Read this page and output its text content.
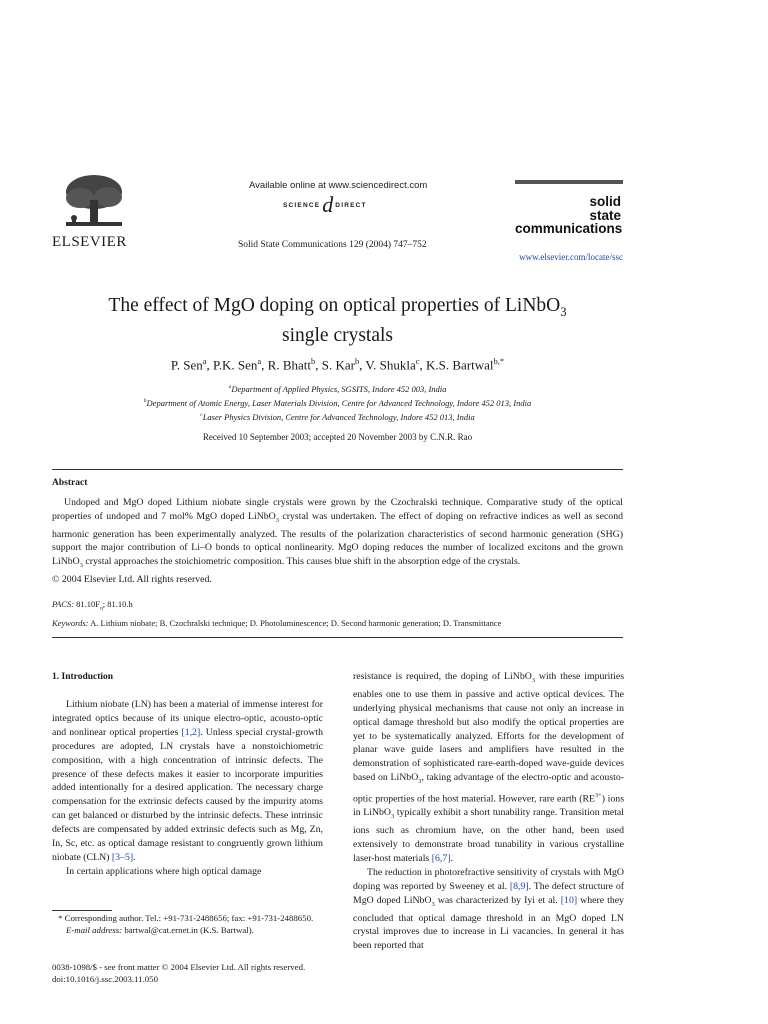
ELSEVIER
Available online at www.sciencedirect.com
SCIENCE d DIRECT
Solid State Communications 129 (2004) 747–752
solid
state
communications
www.elsevier.com/locate/ssc
The effect of MgO doping on optical properties of LiNbO$_3$
single crystals
P. Sen$^a$, P.K. Sen$^a$, R. Bhatt$^b$, S. Kar$^b$, V. Shukla$^c$, K.S. Bartwal$^{b,*}$
$^a$Department of Applied Physics, SGSITS, Indore 452 003, India
$^b$Department of Atomic Energy, Laser Materials Division, Centre for Advanced Technology, Indore 452 013, India
$^c$Laser Physics Division, Centre for Advanced Technology, Indore 452 013, India
Received 10 September 2003; accepted 20 November 2003 by C.N.R. Rao
Abstract

Undoped and MgO doped Lithium niobate single crystals were grown by the Czochralski technique. Comparative study of the optical properties of undoped and 7 mol% MgO doped LiNbO$_3$ crystal was undertaken. The effect of doping on refractive indices as well as second harmonic generation has been experimentally analyzed. The results of the polarization characteristics of second harmonic generation (SHG) support the major contribution of Li–O bonds to optical nonlinearity. MgO doping reduces the number of localized excitons and the grown LiNbO$_3$ crystal approaches the stoichiometric composition. This causes blue shift in the absorption edge of the crystals.

© 2004 Elsevier Ltd. All rights reserved.

PACS: $81.10F_q$; 81.10.h
Keywords: A. Lithium niobate; B. Czochralski technique; D. Photoluminescence; D. Second harmonic generation; D. Transmittance
1. Introduction

Lithium niobate (LN) has been a material of immense interest for integrated optics because of its unique electro-optic, acousto-optic and nonlinear optical properties [1,2]. Unless special crystal-growth procedures are adopted, LN crystals have a nonstoichiometric composition, with a high concentration of intrinsic defects. The presence of these defects makes it easier to incorporate impurities added intentionally for a desired application. The necessary charge compensation for the extrinsic defects caused by the impurity atoms can get balanced or disturbed by the intrinsic defects. These intrinsic defects are compensated by added extrinsic defects such as Mg, Zn, In, Sc, etc. as optical damage resistant to congruently grown lithium niobate (CLN) [3–5].

In certain applications where high optical damage

* Corresponding author. Tel.: +91-731-2488656; fax: +91-731-2488650.
E-mail address: bartwal@cat.ernet.in (K.S. Bartwal).
0038-1098/$ - see front matter © 2004 Elsevier Ltd. All rights reserved.
doi:10.1016/j.ssc.2003.11.050

resistance is required, the doping of LiNbO$_3$ with these impurities enables one to use them in passive and active optical devices. The underlying physical mechanisms that cause not only an increase in optical damage threshold but also modify the optical properties are yet to be systematically analyzed. Efforts for the development of planar wave guide lasers and amplifiers have resulted in the demonstration of sophisticated rare-earth-doped wave-guide devices based on LiNbO$_3$, taking advantage of the electro-optic and acousto-optic properties of the host material. However, rare earth $(RE^{3+})$ ions in LiNbO$_3$ typically exhibit a short tunability range. Transition metal ions such as chromium have, on the other hand, been used extensively to demonstrate broad tunability in various crystalline laser-host materials [6,7].

The reduction in photorefractive sensitivity of crystals with MgO doping was reported by Sweeney et al. [8,9]. The defect structure of MgO doped LiNbO$_3$ was characterized by Iyi et al. [10] where they concluded that optical damage threshold in an MgO doped LN crystal improves due to increase in Li vacancies. In general it has been reported that
